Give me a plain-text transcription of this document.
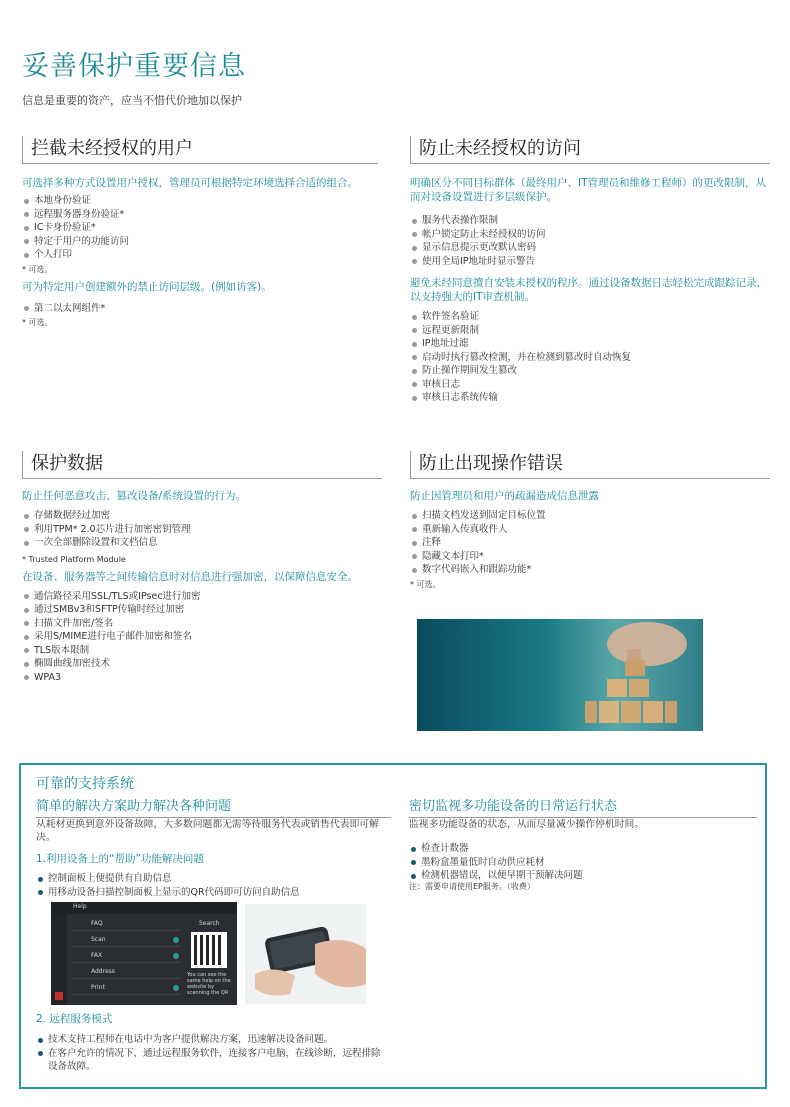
妥善保护重要信息
信息是重要的资产，应当不惜代价地加以保护
拦截未经授权的用户
可选择多种方式设置用户授权，管理员可根据特定环境选择合适的组合。
本地身份验证
远程服务器身份验证*
IC卡身份验证*
特定于用户的功能访问
个人打印
* 可选。
可为特定用户创建额外的禁止访问层级。(例如访客)。
第二以太网组件*
* 可选。
防止未经授权的访问
明确区分不同目标群体（最终用户、IT管理员和维修工程师）的更改限制，从而对设备设置进行多层级保护。
服务代表操作限制
帐户锁定防止未经授权的访问
显示信息提示更改默认密码
使用全局IP地址时显示警告
避免未经同意擅自安装未授权的程序。通过设备数据日志轻松完成跟踪记录，以支持强大的IT审查机制。
软件签名验证
远程更新限制
IP地址过滤
启动时执行篡改检测，并在检测到篡改时自动恢复
防止操作期间发生篡改
审核日志
审核日志系统传输
保护数据
防止任何恶意攻击、篡改设备/系统设置的行为。
存储数据经过加密
利用TPM* 2.0芯片进行加密密钥管理
一次全部删除设置和文档信息
* Trusted Platform Module
在设备、服务器等之间传输信息时对信息进行强加密，以保障信息安全。
通信路径采用SSL/TLS或IPsec进行加密
通过SMBv3和SFTP传输时经过加密
扫描文件加密/签名
采用S/MIME进行电子邮件加密和签名
TLS版本限制
椭圆曲线加密技术
WPA3
防止出现操作错误
防止因管理员和用户的疏漏造成信息泄露
扫描文档发送到固定目标位置
重新输入传真收件人
注释
隐藏文本打印*
数字代码嵌入和跟踪功能*
* 可选。
可靠的支持系统
简单的解决方案助力解决各种问题
从耗材更换到意外设备故障，大多数问题都无需等待服务代表或销售代表即可解决。
1.利用设备上的“帮助”功能解决问题
控制面板上便提供有自助信息
用移动设备扫描控制面板上显示的QR代码即可访问自助信息
Help
Search
FAQ
Scan
FAX
Address
Print
You can see the same help on the website by scanning the QR
2. 远程服务模式
技术支持工程师在电话中为客户提供解决方案，迅速解决设备问题。
在客户允许的情况下，通过远程服务软件，连接客户电脑，在线诊断，远程排除设备故障。
密切监视多功能设备的日常运行状态
监视多功能设备的状态，从而尽量减少操作停机时间。
检查计数器
墨粉盒墨量低时自动供应耗材
检测机器错误，以便早期干预解决问题
注：需要申请使用EP服务。（收费）
